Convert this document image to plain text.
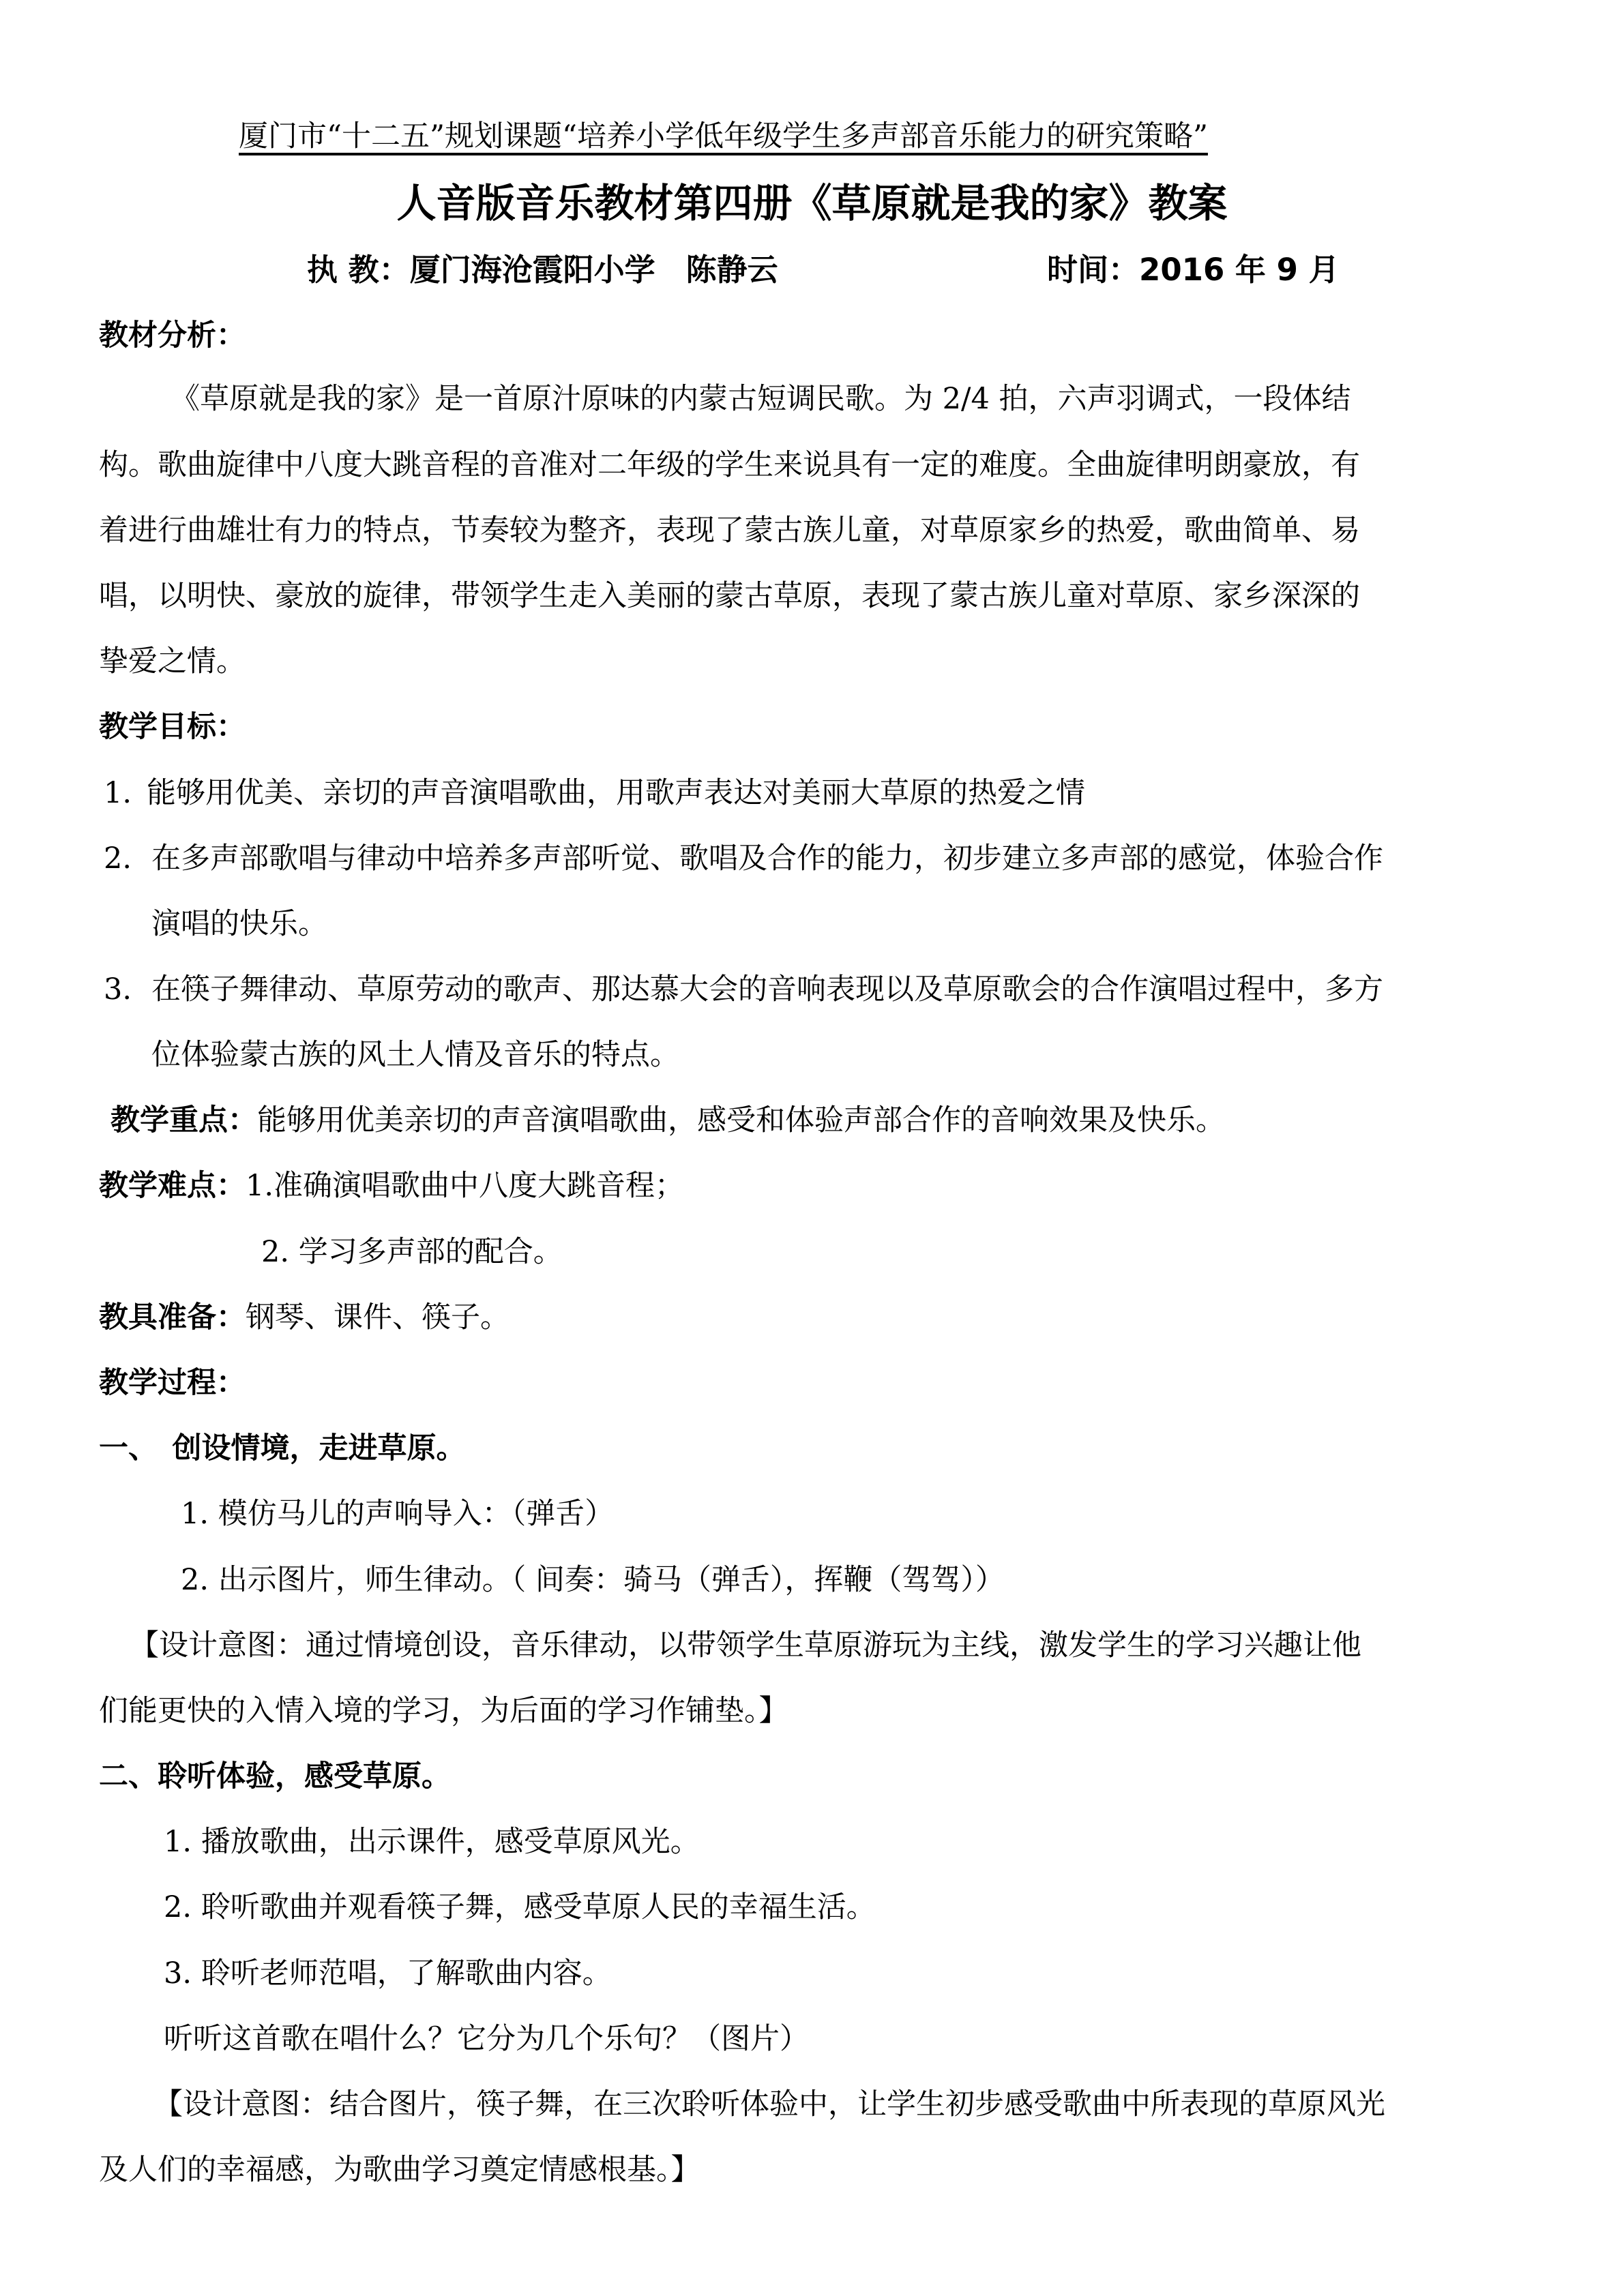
厦门市“十二五”规划课题“培养小学低年级学生多声部音乐能力的研究策略”
人音版音乐教材第四册《草原就是我的家》教案
执 教：厦门海沧霞阳小学　陈静云	时间：2016 年 9 月
教材分析：
《草原就是我的家》是一首原汁原味的内蒙古短调民歌。为 2/4 拍，六声羽调式，一段体结
构。歌曲旋律中八度大跳音程的音准对二年级的学生来说具有一定的难度。全曲旋律明朗豪放，有
着进行曲雄壮有力的特点，节奏较为整齐，表现了蒙古族儿童，对草原家乡的热爱，歌曲简单、易
唱，以明快、豪放的旋律，带领学生走入美丽的蒙古草原，表现了蒙古族儿童对草原、家乡深深的
挚爱之情。
教学目标：
1. 能够用优美、亲切的声音演唱歌曲，用歌声表达对美丽大草原的热爱之情
2. 在多声部歌唱与律动中培养多声部听觉、歌唱及合作的能力，初步建立多声部的感觉，体验合作
演唱的快乐。
3. 在筷子舞律动、草原劳动的歌声、那达慕大会的音响表现以及草原歌会的合作演唱过程中，多方
位体验蒙古族的风土人情及音乐的特点。
教学重点：能够用优美亲切的声音演唱歌曲，感受和体验声部合作的音响效果及快乐。
教学难点：1.准确演唱歌曲中八度大跳音程；
2. 学习多声部的配合。
教具准备：钢琴、课件、筷子。
教学过程：
一、　创设情境，走进草原。
1. 模仿马儿的声响导入：（弹舌）
2. 出示图片，师生律动。（ 间奏：骑马（弹舌），挥鞭（驾驾））
【设计意图：通过情境创设，音乐律动，以带领学生草原游玩为主线，激发学生的学习兴趣让他
们能更快的入情入境的学习，为后面的学习作铺垫。】
二、聆听体验，感受草原。
1. 播放歌曲，出示课件，感受草原风光。
2. 聆听歌曲并观看筷子舞，感受草原人民的幸福生活。
3. 聆听老师范唱，了解歌曲内容。
听听这首歌在唱什么？它分为几个乐句？（图片）
【设计意图：结合图片，筷子舞，在三次聆听体验中，让学生初步感受歌曲中所表现的草原风光
及人们的幸福感，为歌曲学习奠定情感根基。】
